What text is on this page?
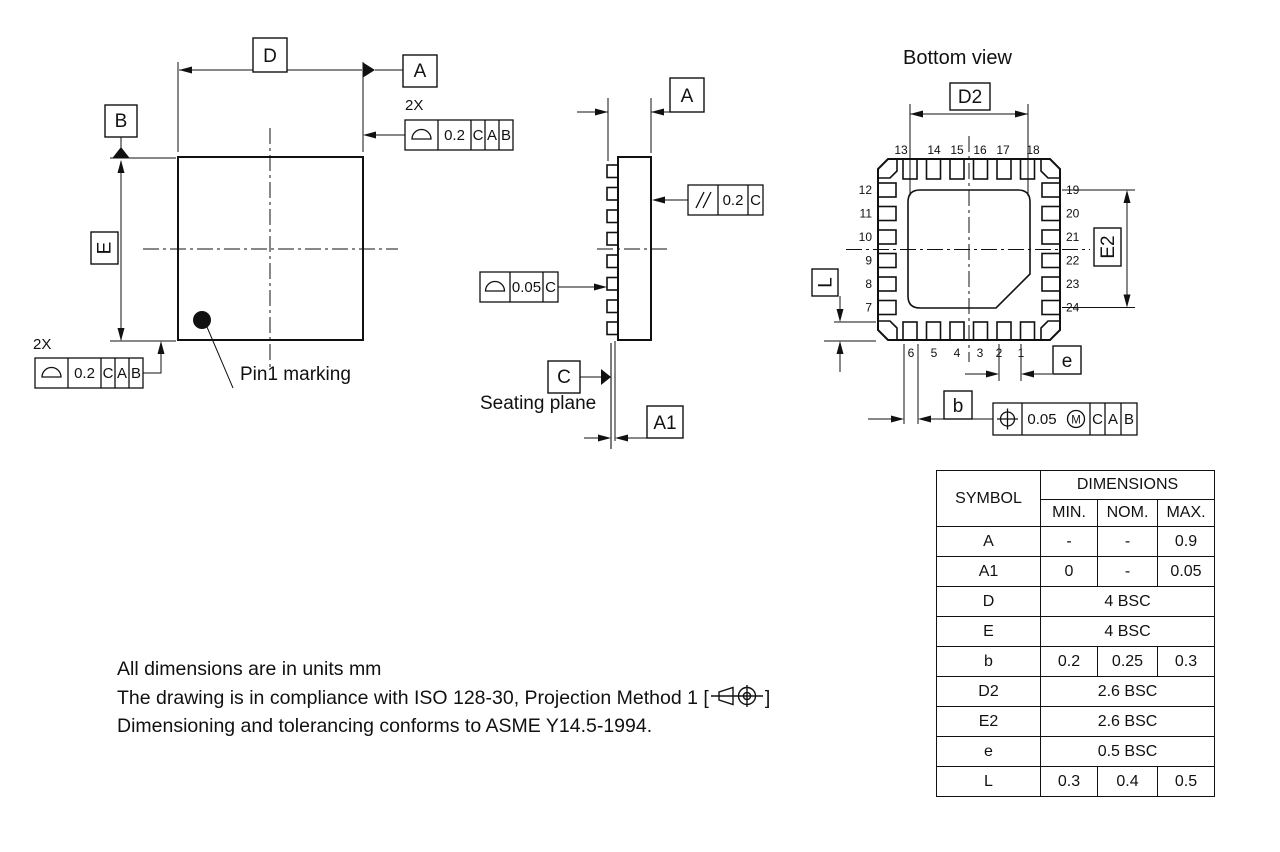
D
A
E
B
2X
0.2 C A B
2X
0.2 C A B	Pin1 marking
A
0.2 C
0.05 C
C
Seating plane
A1
Bottom view
13 14 15 16 17 18
19
20
21
22
23
24
12
11
10
9
8
7
6 5 4 3 2 1
D2
E2
L
e
b
0.05 M C A B
All dimensions are in units mm
The drawing is in compliance with ISO 128-30, Projection Method 1 [	]
Dimensioning and tolerancing conforms to ASME Y14.5-1994.
SYMBOL	DIMENSIONS		
	MIN.	NOM.	MAX.
A	-	-	0.9
A1	0	-	0.05
D	4 BSC		
E	4 BSC		
b	0.2	0.25	0.3
D2	2.6 BSC		
E2	2.6 BSC		
e	0.5 BSC		
L	0.3	0.4	0.5
